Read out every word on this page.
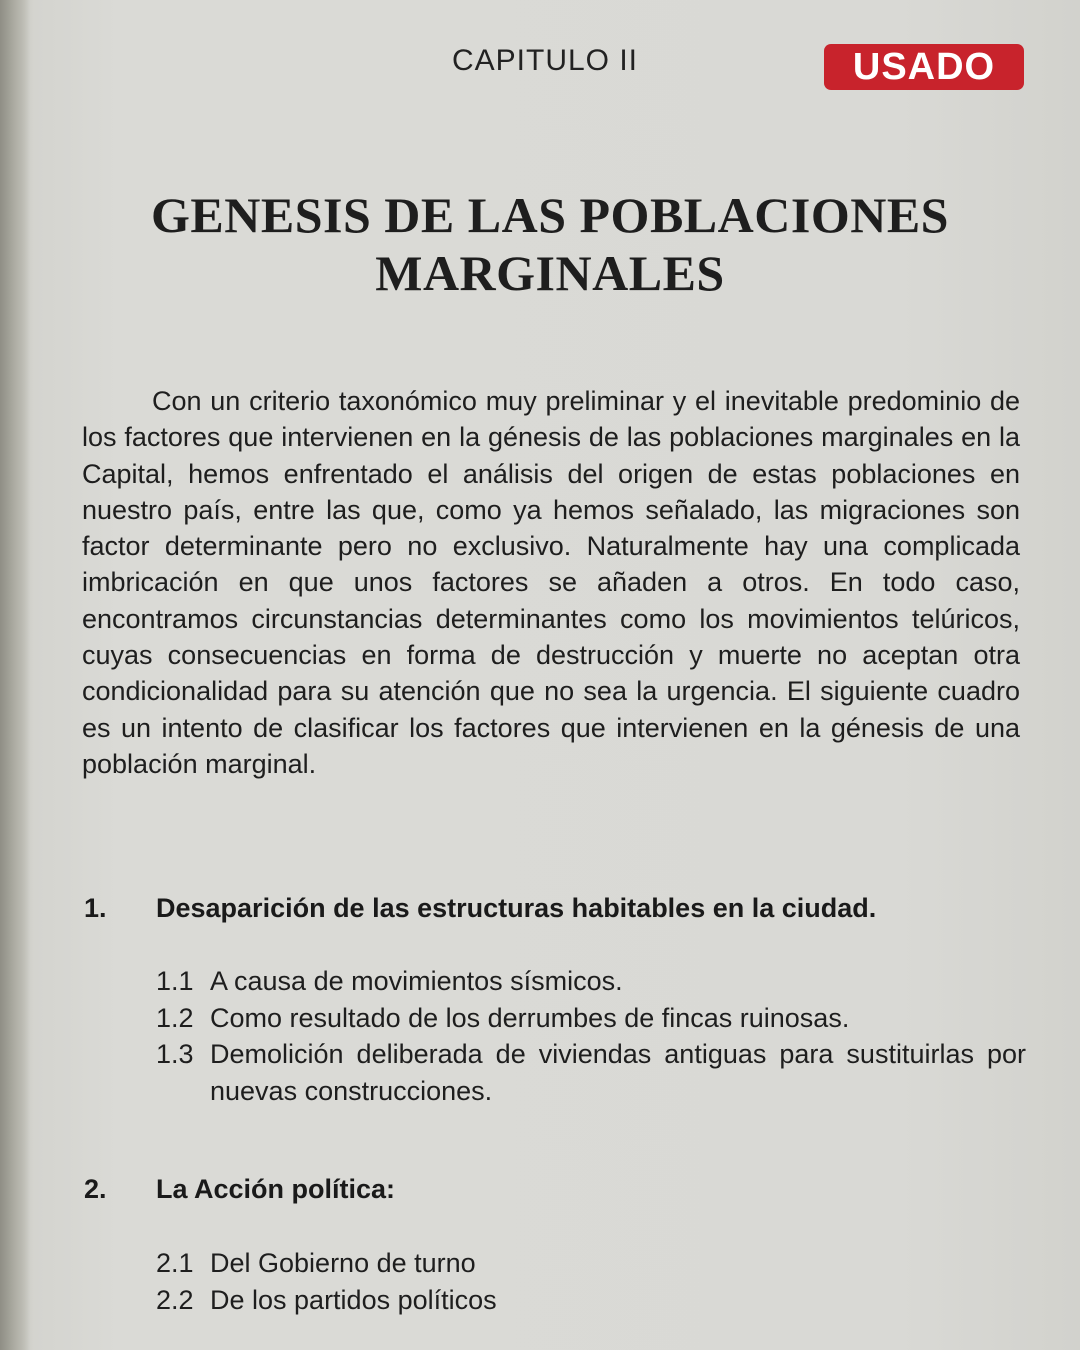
CAPITULO II	USADO
GENESIS DE LAS POBLACIONES
MARGINALES

Con un criterio taxonómico muy preliminar y el inevitable predominio de los factores que intervienen en la génesis de las poblaciones marginales en la Capital, hemos enfrentado el análisis del origen de estas poblaciones en nuestro país, entre las que, como ya hemos señalado, las migraciones son factor determinante pero no exclusivo. Naturalmente hay una complicada imbricación en que unos factores se añaden a otros. En todo caso, encontramos circunstancias determinantes como los movimientos telúricos, cuyas consecuencias en forma de destrucción y muerte no aceptan otra condicionalidad para su atención que no sea la urgencia. El siguiente cuadro es un intento de clasificar los factores que intervienen en la génesis de una población marginal.

1. Desaparición de las estructuras habitables en la ciudad.
1.1 A causa de movimientos sísmicos.
1.2 Como resultado de los derrumbes de fincas ruinosas.
1.3 Demolición deliberada de viviendas antiguas para sustituirlas por nuevas construcciones.
2. La Acción política:
2.1 Del Gobierno de turno
2.2 De los partidos políticos
